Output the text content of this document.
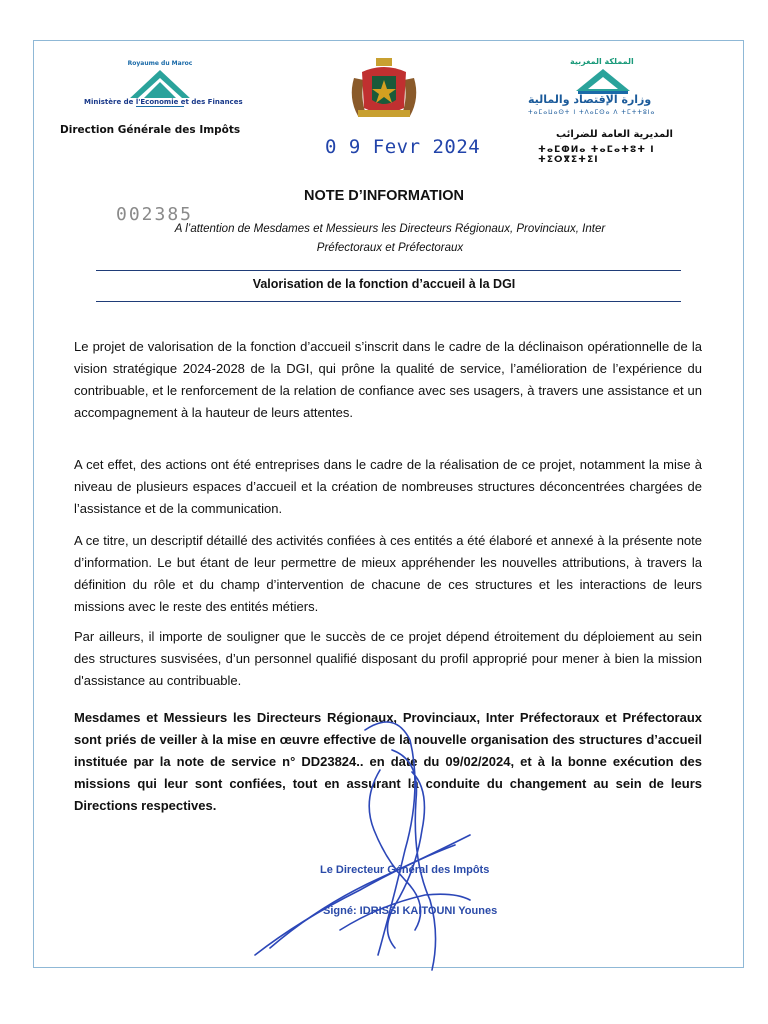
Royaume du Maroc
Ministère de l'Economie et des Finances
Direction Générale des Impôts
المملكة المغربية
وزارة الإقتصاد والمالية
ⵜⴰⵎⴰⵡⴰⵙⵜ ⵏ ⵜⴷⴰⵎⵙⴰ ⴷ ⵜⵎⵜⵜⵓⵏⴰ
المديرية العامة للضرائب
ⵜⴰⵎⵀⵍⴰ ⵜⴰⵎⴰⵜⵓⵜ ⵏ ⵜⵉⵔⴳⵉⵜⵉⵏ
0 9 Fevr 2024
002385
NOTE D’INFORMATION
A l’attention de Mesdames et Messieurs les Directeurs Régionaux, Provinciaux, Inter Préfectoraux et Préfectoraux
Valorisation de la fonction d’accueil à la DGI
Le projet de valorisation de la fonction d’accueil s’inscrit dans le cadre de la déclinaison opérationnelle de la vision stratégique 2024-2028 de la DGI, qui prône la qualité de service, l’amélioration de l’expérience du contribuable, et le renforcement de la relation de confiance avec ses usagers, à travers une assistance et un accompagnement à la hauteur de leurs attentes.
A cet effet, des actions ont été entreprises dans le cadre de la réalisation de ce projet, notamment la mise à niveau de plusieurs espaces d’accueil et la création de nombreuses structures déconcentrées chargées de l’assistance et de la communication.
A ce titre, un descriptif détaillé des activités confiées à ces entités a été élaboré et annexé à la présente note d’information. Le but étant de leur permettre de mieux appréhender les nouvelles attributions, à travers la définition du rôle et du champ d’intervention de chacune de ces structures et les interactions de leurs missions avec le reste des entités métiers.
Par ailleurs, il importe de souligner que le succès de ce projet dépend étroitement du déploiement au sein des structures susvisées, d’un personnel qualifié disposant du profil approprié pour mener à bien la mission d'assistance au contribuable.
Mesdames et Messieurs les Directeurs Régionaux, Provinciaux, Inter Préfectoraux et Préfectoraux sont priés de veiller à la mise en œuvre effective de la nouvelle organisation des structures d’accueil instituée par la note de service n° DD23824.. en date du 09/02/2024, et à la bonne exécution des missions qui leur sont confiées, tout en assurant la conduite du changement au sein de leurs Directions respectives.
Le Directeur Général des Impôts
Signé: IDRISSI KAITOUNI Younes
